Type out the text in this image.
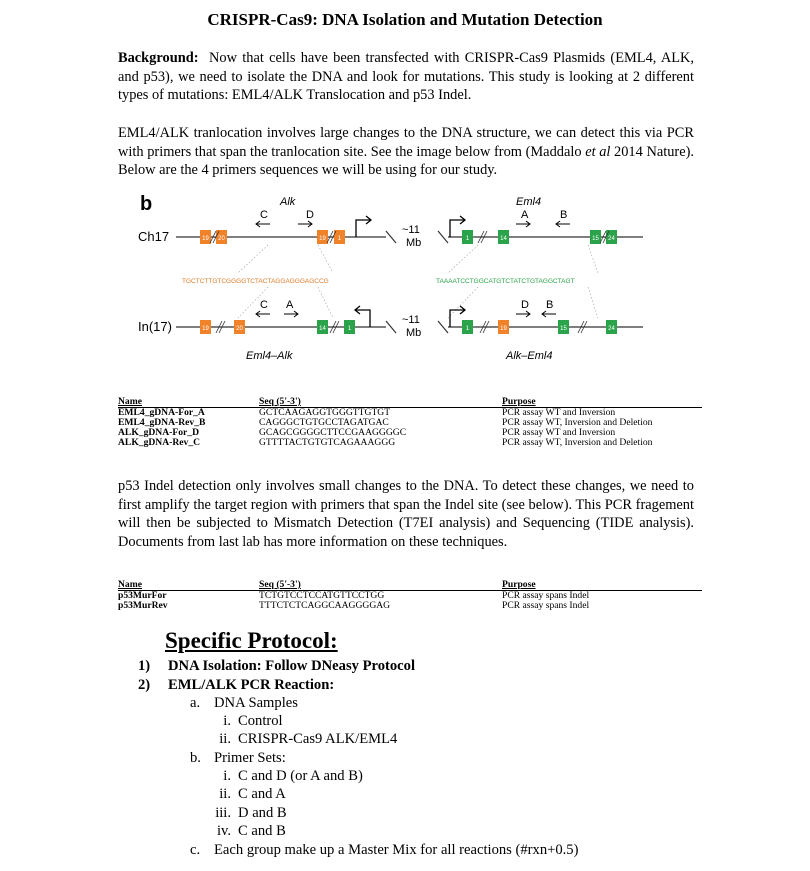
CRISPR-Cas9: DNA Isolation and Mutation Detection

Background: Now that cells have been transfected with CRISPR-Cas9 Plasmids (EML4, ALK, and p53), we need to isolate the DNA and look for mutations. This study is looking at 2 different types of mutations: EML4/ALK Translocation and p53 Indel.

EML4/ALK tranlocation involves large changes to the DNA structure, we can detect this via PCR with primers that span the tranlocation site. See the image below from (Maddalo et al 2014 Nature). Below are the 4 primers sequences we will be using for our study.

b	Alk	Eml4
Ch17
In(17)
~11
Mb
19 20	19 1	1	14	15 24
C	D	A	B
TGCTCTTGTCGGGGTCTACTAGGAGGGAGCCG	TAAAATCCTGGCATGTCTATCTGTAGGCTAGT
~11
Mb
19	20	14	1	1	19	15	24
C A	D B
Eml4–Alk	Alk–Eml4
Name	Seq (5'-3')	Purpose
EML4_gDNA-For_A	GCTCAAGAGGTGGGTTGTGT	PCR assay WT and Inversion
EML4_gDNA-Rev_B	CAGGGCTGTGCCTAGATGAC	PCR assay WT, Inversion and Deletion
ALK_gDNA-For_D	GCAGCGGGGCTTCCGAAGGGGC	PCR assay WT and Inversion
ALK_gDNA-Rev_C	GTTTTACTGTGTCAGAAAGGG	PCR assay WT, Inversion and Deletion

p53 Indel detection only involves small changes to the DNA. To detect these changes, we need to first amplify the target region with primers that span the Indel site (see below). This PCR fragement will then be subjected to Mismatch Detection (T7EI analysis) and Sequencing (TIDE analysis). Documents from last lab has more information on these techniques.

Name	Seq (5'-3')	Purpose
p53MurFor	TCTGTCCTCCATGTTCCTGG	PCR assay spans Indel
p53MurRev	TTTCTCTCAGGCAAGGGGAG	PCR assay spans Indel
Specific Protocol:
1) DNA Isolation: Follow DNeasy Protocol
2) EML/ALK PCR Reaction:
a. DNA Samples
i. Control
ii. CRISPR-Cas9 ALK/EML4
b. Primer Sets:
i. C and D (or A and B)
ii. C and A
iii. D and B
iv. C and B
c. Each group make up a Master Mix for all reactions (#rxn+0.5)
